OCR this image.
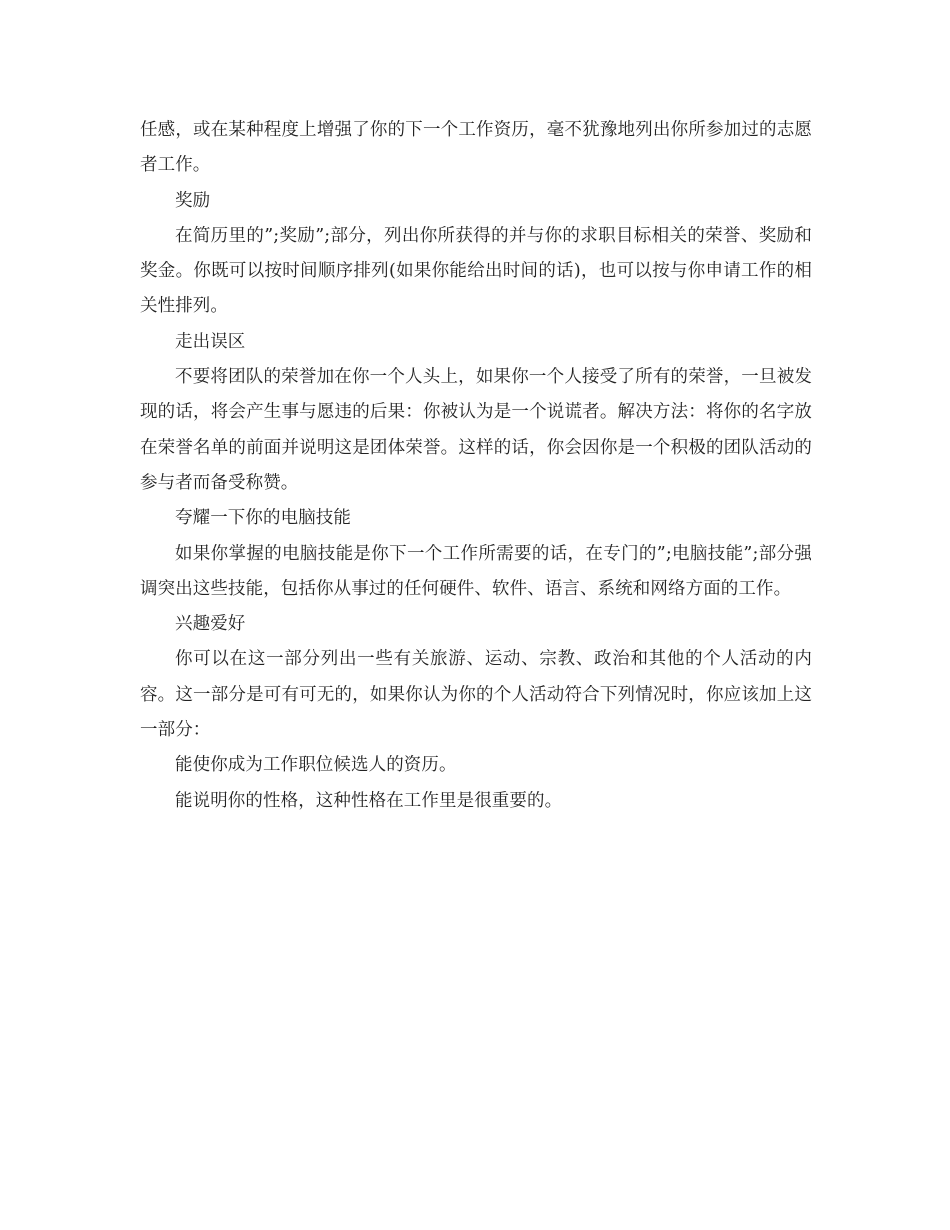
任感，或在某种程度上增强了你的下一个工作资历，毫不犹豫地列出你所参加过的志愿者工作。

奖励

在简历里的”;奖励”;部分，列出你所获得的并与你的求职目标相关的荣誉、奖励和奖金。你既可以按时间顺序排列(如果你能给出时间的话)，也可以按与你申请工作的相关性排列。

走出误区

不要将团队的荣誉加在你一个人头上，如果你一个人接受了所有的荣誉，一旦被发现的话，将会产生事与愿违的后果：你被认为是一个说谎者。解决方法：将你的名字放在荣誉名单的前面并说明这是团体荣誉。这样的话，你会因你是一个积极的团队活动的参与者而备受称赞。

夸耀一下你的电脑技能

如果你掌握的电脑技能是你下一个工作所需要的话，在专门的”;电脑技能”;部分强调突出这些技能，包括你从事过的任何硬件、软件、语言、系统和网络方面的工作。

兴趣爱好

你可以在这一部分列出一些有关旅游、运动、宗教、政治和其他的个人活动的内容。这一部分是可有可无的，如果你认为你的个人活动符合下列情况时，你应该加上这一部分：

能使你成为工作职位候选人的资历。

能说明你的性格，这种性格在工作里是很重要的。
